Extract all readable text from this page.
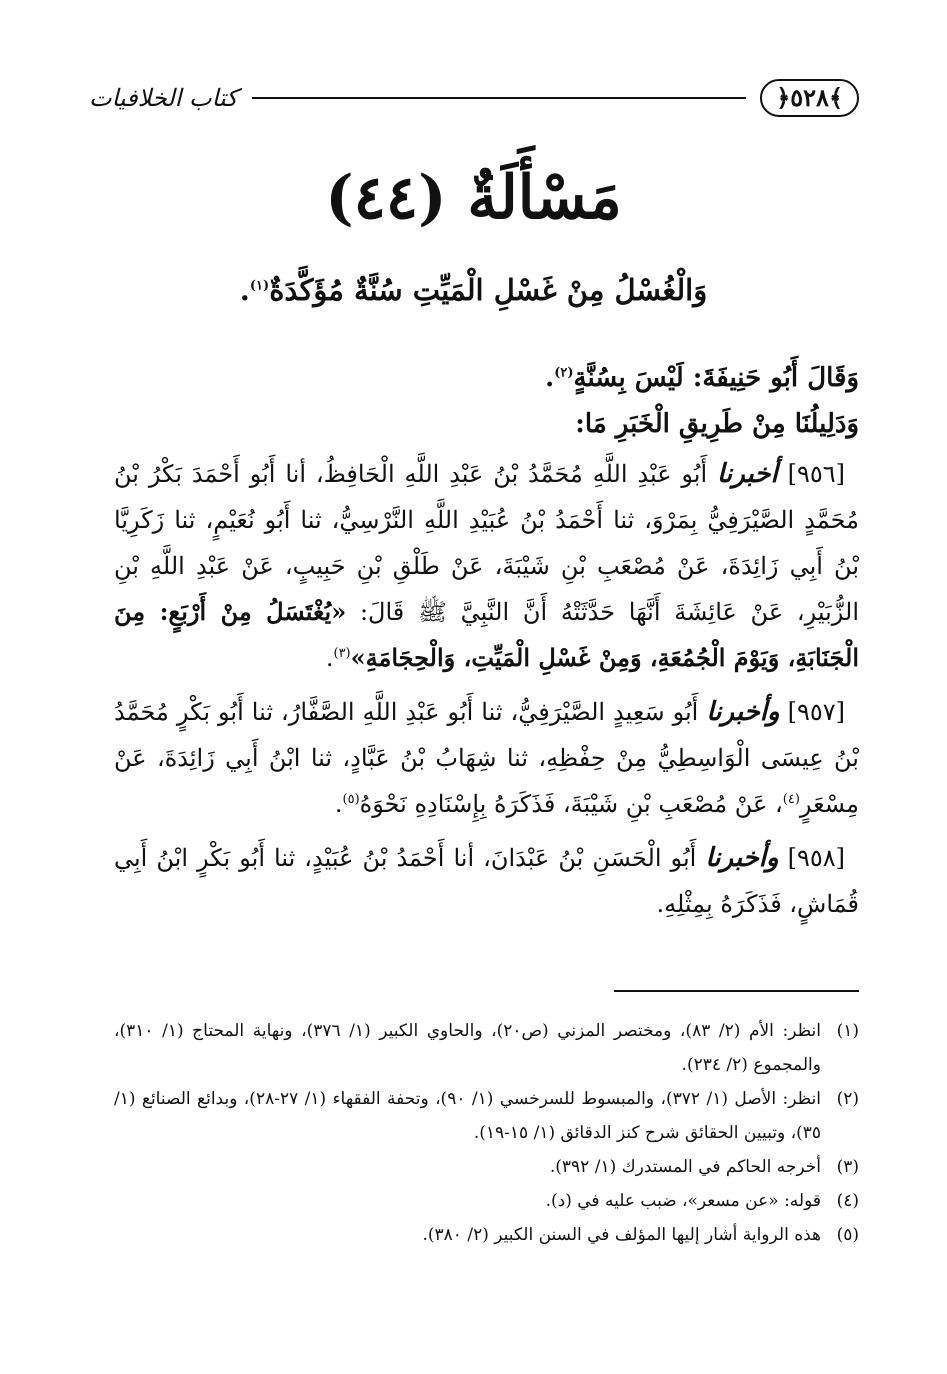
﴿٥٢٨﴾
كتاب الخلافيات
مَسْأَلَةٌ (٤٤)
وَالْغُسْلُ مِنْ غَسْلِ الْمَيِّتِ سُنَّةٌ مُؤَكَّدَةٌ$^{(١)}$.

وَقَالَ أَبُو حَنِيفَةَ: لَيْسَ بِسُنَّةٍ$^{(٢)}$.

وَدَلِيلُنَا مِنْ طَرِيقِ الْخَبَرِ مَا:

[٩٥٦] أخبرنا أَبُو عَبْدِ اللَّهِ مُحَمَّدُ بْنُ عَبْدِ اللَّهِ الْحَافِظُ، أنا أَبُو أَحْمَدَ بَكْرُ بْنُ مُحَمَّدٍ الصَّيْرَفِيُّ بِمَرْوَ، ثنا أَحْمَدُ بْنُ عُبَيْدِ اللَّهِ النَّرْسِيُّ، ثنا أَبُو نُعَيْمٍ، ثنا زَكَرِيَّا بْنُ أَبِي زَائِدَةَ، عَنْ مُصْعَبِ بْنِ شَيْبَةَ، عَنْ طَلْقِ بْنِ حَبِيبٍ، عَنْ عَبْدِ اللَّهِ بْنِ الزُّبَيْرِ، عَنْ عَائِشَةَ أَنَّهَا حَدَّثَتْهُ أَنَّ النَّبِيَّ ﷺ قَالَ: «يُغْتَسَلُ مِنْ أَرْبَعٍ: مِنَ الْجَنَابَةِ، وَيَوْمَ الْجُمُعَةِ، وَمِنْ غَسْلِ الْمَيِّتِ، وَالْحِجَامَةِ»$^{(٣)}$.

[٩٥٧] وأخبرنا أَبُو سَعِيدٍ الصَّيْرَفِيُّ، ثنا أَبُو عَبْدِ اللَّهِ الصَّفَّارُ، ثنا أَبُو بَكْرٍ مُحَمَّدُ بْنُ عِيسَى الْوَاسِطِيُّ مِنْ حِفْظِهِ، ثنا شِهَابُ بْنُ عَبَّادٍ، ثنا ابْنُ أَبِي زَائِدَةَ، عَنْ مِسْعَرٍ$^{(٤)}$، عَنْ مُصْعَبِ بْنِ شَيْبَةَ، فَذَكَرَهُ بِإِسْنَادِهِ نَحْوَهُ$^{(٥)}$.

[٩٥٨] وأخبرنا أَبُو الْحَسَنِ بْنُ عَبْدَانَ، أنا أَحْمَدُ بْنُ عُبَيْدٍ، ثنا أَبُو بَكْرٍ ابْنُ أَبِي قُمَاشٍ، فَذَكَرَهُ بِمِثْلِهِ.

(١)
انظر: الأم (٢/ ٨٣)، ومختصر المزني (ص٢٠)، والحاوي الكبير (١/ ٣٧٦)، ونهاية المحتاج (١/ ٣١٠)، والمجموع (٢/ ٢٣٤).
(٢)
انظر: الأصل (١/ ٣٧٢)، والمبسوط للسرخسي (١/ ٩٠)، وتحفة الفقهاء (١/ ٢٧-٢٨)، وبدائع الصنائع (١/ ٣٥)، وتبيين الحقائق شرح كنز الدقائق (١/ ١٥-١٩).
(٣)
أخرجه الحاكم في المستدرك (١/ ٣٩٢).
(٤)
قوله: «عن مسعر»، ضبب عليه في (د).
(٥)
هذه الرواية أشار إليها المؤلف في السنن الكبير (٢/ ٣٨٠).
